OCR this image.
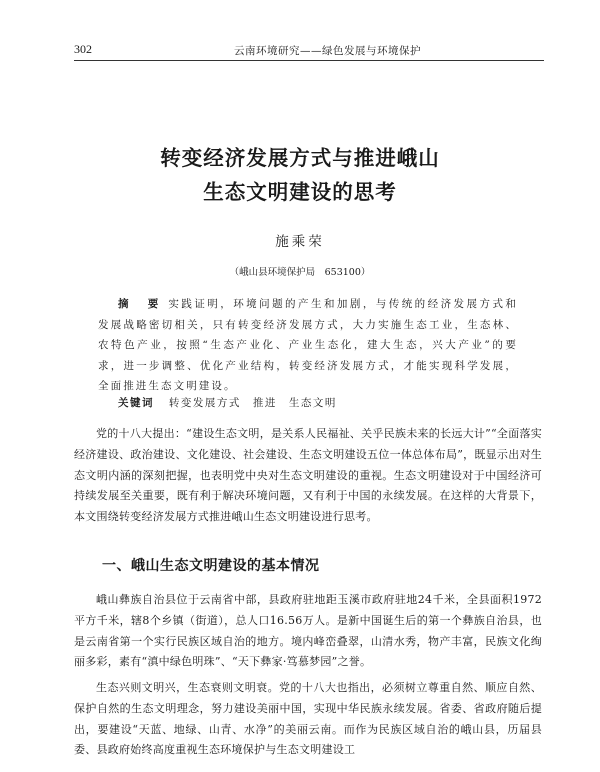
302	云南环境研究——绿色发展与环境保护
转变经济发展方式与推进峨山
生态文明建设的思考
施乘荣
（峨山县环境保护局　653100）
摘　要 实践证明，环境问题的产生和加剧，与传统的经济发展方式和发展战略密切相关，只有转变经济发展方式，大力实施生态工业，生态林、农特色产业，按照“生态产业化、产业生态化，建大生态，兴大产业”的要求，进一步调整、优化产业结构，转变经济发展方式，才能实现科学发展，全面推进生态文明建设。
关键词 转变发展方式　推进　生态文明

党的十八大提出：“建设生态文明，是关系人民福祉、关乎民族未来的长远大计”“全面落实经济建设、政治建设、文化建设、社会建设、生态文明建设五位一体总体布局”，既显示出对生态文明内涵的深刻把握，也表明党中央对生态文明建设的重视。生态文明建设对于中国经济可持续发展至关重要，既有利于解决环境问题，又有利于中国的永续发展。在这样的大背景下，本文围绕转变经济发展方式推进峨山生态文明建设进行思考。

一、峨山生态文明建设的基本情况

峨山彝族自治县位于云南省中部，县政府驻地距玉溪市政府驻地24千米，全县面积1972平方千米，辖8个乡镇（街道），总人口16.56万人。是新中国诞生后的第一个彝族自治县，也是云南省第一个实行民族区域自治的地方。境内峰峦叠翠，山清水秀，物产丰富，民族文化绚丽多彩，素有“滇中绿色明珠”、“天下彝家·笃慕梦园”之誉。

生态兴则文明兴，生态衰则文明衰。党的十八大也指出，必须树立尊重自然、顺应自然、保护自然的生态文明理念，努力建设美丽中国，实现中华民族永续发展。省委、省政府随后提出，要建设“天蓝、地绿、山青、水净”的美丽云南。而作为民族区域自治的峨山县，历届县委、县政府始终高度重视生态环境保护与生态文明建设工
